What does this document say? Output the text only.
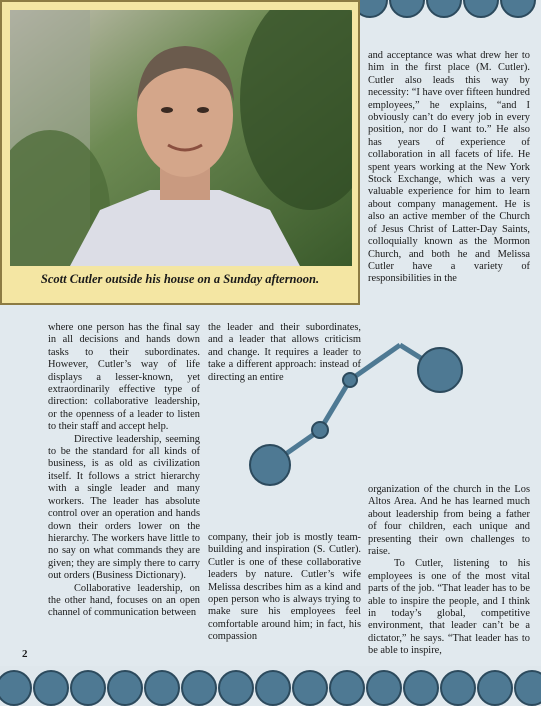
Scott Cutler outside his house on a Sunday afternoon.

and acceptance was what drew her to him in the first place (M. Cutler). Cutler also leads this way by necessity: “I have over fifteen hundred employees,” he explains, “and I obviously can’t do every job in every position, nor do I want to.” He also has years of experience of collaboration in all facets of life. He spent years working at the New York Stock Exchange, which was a very valuable experience for him to learn about company management. He is also an active member of the Church of Jesus Christ of Latter-Day Saints, colloquially known as the Mormon Church, and both he and Melissa Cutler have a variety of responsibilities in the

where one person has the final say in all decisions and hands down tasks to their subordinates. However, Cutler’s way of life displays a lesser-known, yet extraordinarily effective type of direction: collaborative leadership, or the openness of a leader to listen to their staff and accept help.

Directive leadership, seeming to be the standard for all kinds of business, is as old as civilization itself. It follows a strict hierarchy with a single leader and many workers. The leader has absolute control over an operation and hands down their orders lower on the hierarchy. The workers have little to no say on what commands they are given; they are simply there to carry out orders (Business Dictionary).

Collaborative leadership, on the other hand, focuses on an open channel of communication between

the leader and their subordinates, and a leader that allows criticism and change. It requires a leader to take a different approach: instead of directing an entire

company, their job is mostly team-building and inspiration (S. Cutler). Cutler is one of these collaborative leaders by nature. Cutler’s wife Melissa describes him as a kind and open person who is always trying to make sure his employees feel comfortable around him; in fact, his compassion

organization of the church in the Los Altos Area. And he has learned much about leadership from being a father of four children, each unique and presenting their own challenges to raise.

To Cutler, listening to his employees is one of the most vital parts of the job. “That leader has to be able to inspire the people, and I think in today’s global, competitive environment, that leader can’t be a dictator,” he says. “That leader has to be able to inspire,

2
